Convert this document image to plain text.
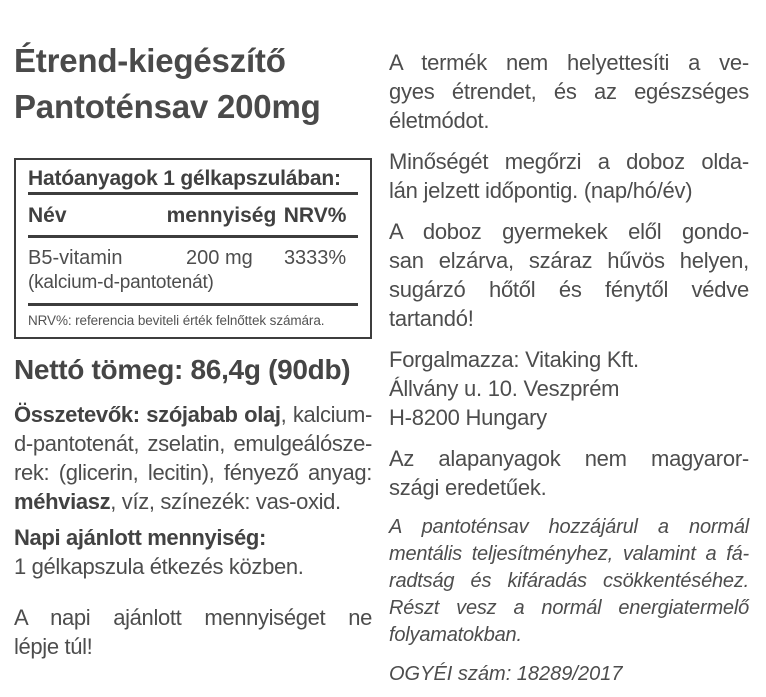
Étrend-kiegészítő
Pantoténsav 200mg
Hatóanyagok 1 gélkapszulában:
Név	mennyiség NRV%
B5-vitamin	200 mg	3333%
(kalcium-d-pantotenát)
NRV%: referencia beviteli érték felnőttek számára.
Nettó tömeg: 86,4g (90db)
Összetevők: szójabab olaj, kalcium-
d-pantotenát, zselatin, emulgeálósze-
rek: (glicerin, lecitin), fényező anyag:
méhviasz, víz, színezék: vas-oxid.
Napi ajánlott mennyiség:
1 gélkapszula étkezés közben.
A napi ajánlott mennyiséget ne
lépje túl!
A termék nem helyettesíti a ve-
gyes étrendet, és az egészséges
életmódot.
Minőségét megőrzi a doboz olda-
lán jelzett időpontig. (nap/hó/év)
A doboz gyermekek elől gondo-
san elzárva, száraz hűvös helyen,
sugárzó hőtől és fénytől védve
tartandó!
Forgalmazza: Vitaking Kft.
Állvány u. 10. Veszprém
H-8200 Hungary
Az alapanyagok nem magyaror-
szági eredetűek.
A pantoténsav hozzájárul a normál
mentális teljesítményhez, valamint a fá-
radtság és kifáradás csökkentéséhez.
Részt vesz a normál energiatermelő
folyamatokban.
OGYÉI szám: 18289/2017
